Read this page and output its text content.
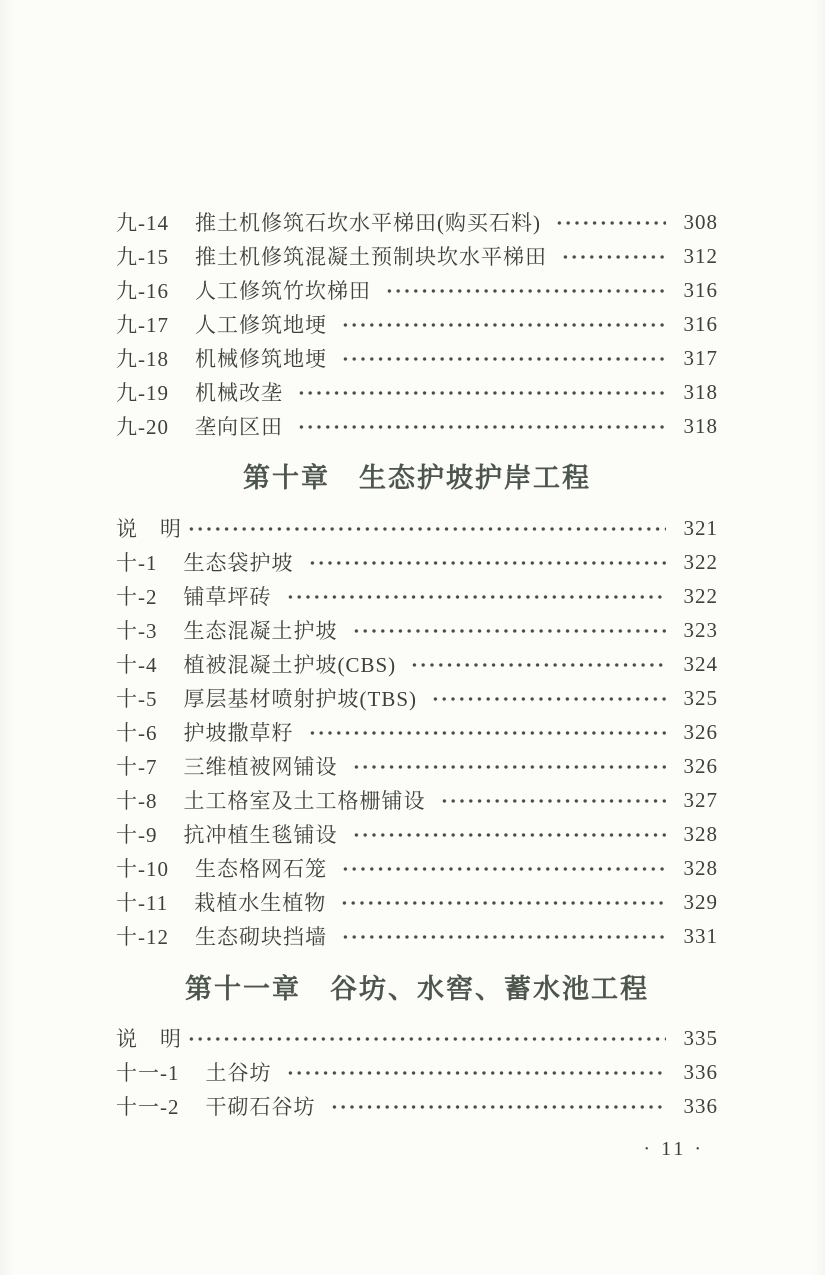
九-14 推土机修筑石坎水平梯田(购买石料)	308
九-15 推土机修筑混凝土预制块坎水平梯田	312
九-16 人工修筑竹坎梯田	316
九-17 人工修筑地埂	316
九-18 机械修筑地埂	317
九-19 机械改垄	318
九-20 垄向区田	318
第十章　生态护坡护岸工程
说　明	321
十-1 生态袋护坡	322
十-2 铺草坪砖	322
十-3 生态混凝土护坡	323
十-4 植被混凝土护坡(CBS)	324
十-5 厚层基材喷射护坡(TBS)	325
十-6 护坡撒草籽	326
十-7 三维植被网铺设	326
十-8 土工格室及土工格栅铺设	327
十-9 抗冲植生毯铺设	328
十-10 生态格网石笼	328
十-11 栽植水生植物	329
十-12 生态砌块挡墙	331
第十一章　谷坊、水窖、蓄水池工程
说　明	335
十一-1 土谷坊	336
十一-2 干砌石谷坊	336
· 11 ·
